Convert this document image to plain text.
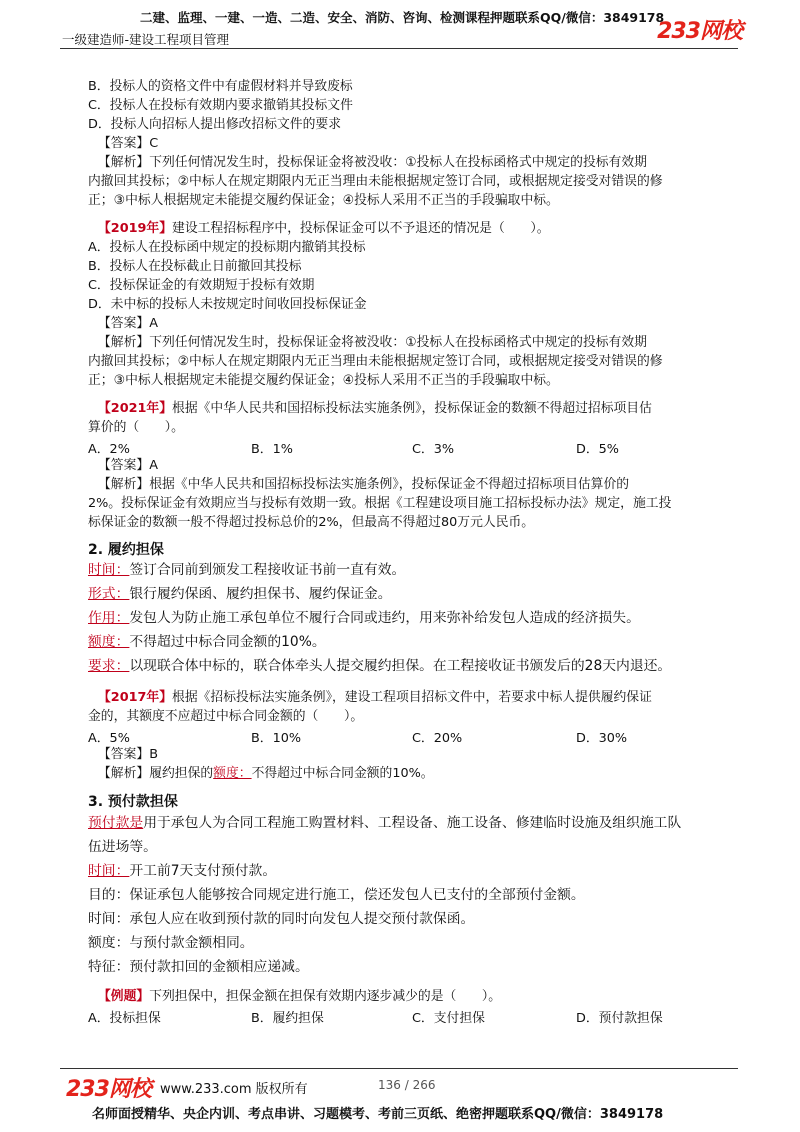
二建、监理、一建、一造、二造、安全、消防、咨询、检测课程押题联系QQ/微信：3849178
一级建造师-建设工程项目管理	233网校
B．投标人的资格文件中有虚假材料并导致废标
C．投标人在投标有效期内要求撤销其投标文件
D．投标人向招标人提出修改招标文件的要求
【答案】C
【解析】下列任何情况发生时，投标保证金将被没收：①投标人在投标函格式中规定的投标有效期
内撤回其投标；②中标人在规定期限内无正当理由未能根据规定签订合同，或根据规定接受对错误的修
正；③中标人根据规定未能提交履约保证金；④投标人采用不正当的手段骗取中标。
【2019年】建设工程招标程序中，投标保证金可以不予退还的情况是（　　）。
A．投标人在投标函中规定的投标期内撤销其投标
B．投标人在投标截止日前撤回其投标
C．投标保证金的有效期短于投标有效期
D．未中标的投标人未按规定时间收回投标保证金
【答案】A
【解析】下列任何情况发生时，投标保证金将被没收：①投标人在投标函格式中规定的投标有效期
内撤回其投标；②中标人在规定期限内无正当理由未能根据规定签订合同，或根据规定接受对错误的修
正；③中标人根据规定未能提交履约保证金；④投标人采用不正当的手段骗取中标。
【2021年】根据《中华人民共和国招标投标法实施条例》，投标保证金的数额不得超过招标项目估
算价的（　　）。
A．2%	B．1%	C．3%	D．5%
【答案】A
【解析】根据《中华人民共和国招标投标法实施条例》，投标保证金不得超过招标项目估算价的
2%。投标保证金有效期应当与投标有效期一致。根据《工程建设项目施工招标投标办法》规定，施工投
标保证金的数额一般不得超过投标总价的2%，但最高不得超过80万元人民币。
2. 履约担保
时间：签订合同前到颁发工程接收证书前一直有效。
形式：银行履约保函、履约担保书、履约保证金。
作用：发包人为防止施工承包单位不履行合同或违约，用来弥补给发包人造成的经济损失。
额度：不得超过中标合同金额的10%。
要求：以现联合体中标的，联合体牵头人提交履约担保。在工程接收证书颁发后的28天内退还。
【2017年】根据《招标投标法实施条例》，建设工程项目招标文件中，若要求中标人提供履约保证
金的，其额度不应超过中标合同金额的（　　）。
A．5%	B．10%	C．20%	D．30%
【答案】B
【解析】履约担保的额度：不得超过中标合同金额的10%。
3. 预付款担保
预付款是用于承包人为合同工程施工购置材料、工程设备、施工设备、修建临时设施及组织施工队
伍进场等。
时间：开工前7天支付预付款。
目的：保证承包人能够按合同规定进行施工，偿还发包人已支付的全部预付金额。
时间：承包人应在收到预付款的同时向发包人提交预付款保函。
额度：与预付款金额相同。
特征：预付款扣回的金额相应递减。
【例题】下列担保中，担保金额在担保有效期内逐步减少的是（　　）。
A．投标担保	B．履约担保	C．支付担保	D．预付款担保
233网校 www.233.com 版权所有	136 / 266
名师面授精华、央企内训、考点串讲、习题模考、考前三页纸、绝密押题联系QQ/微信：3849178
